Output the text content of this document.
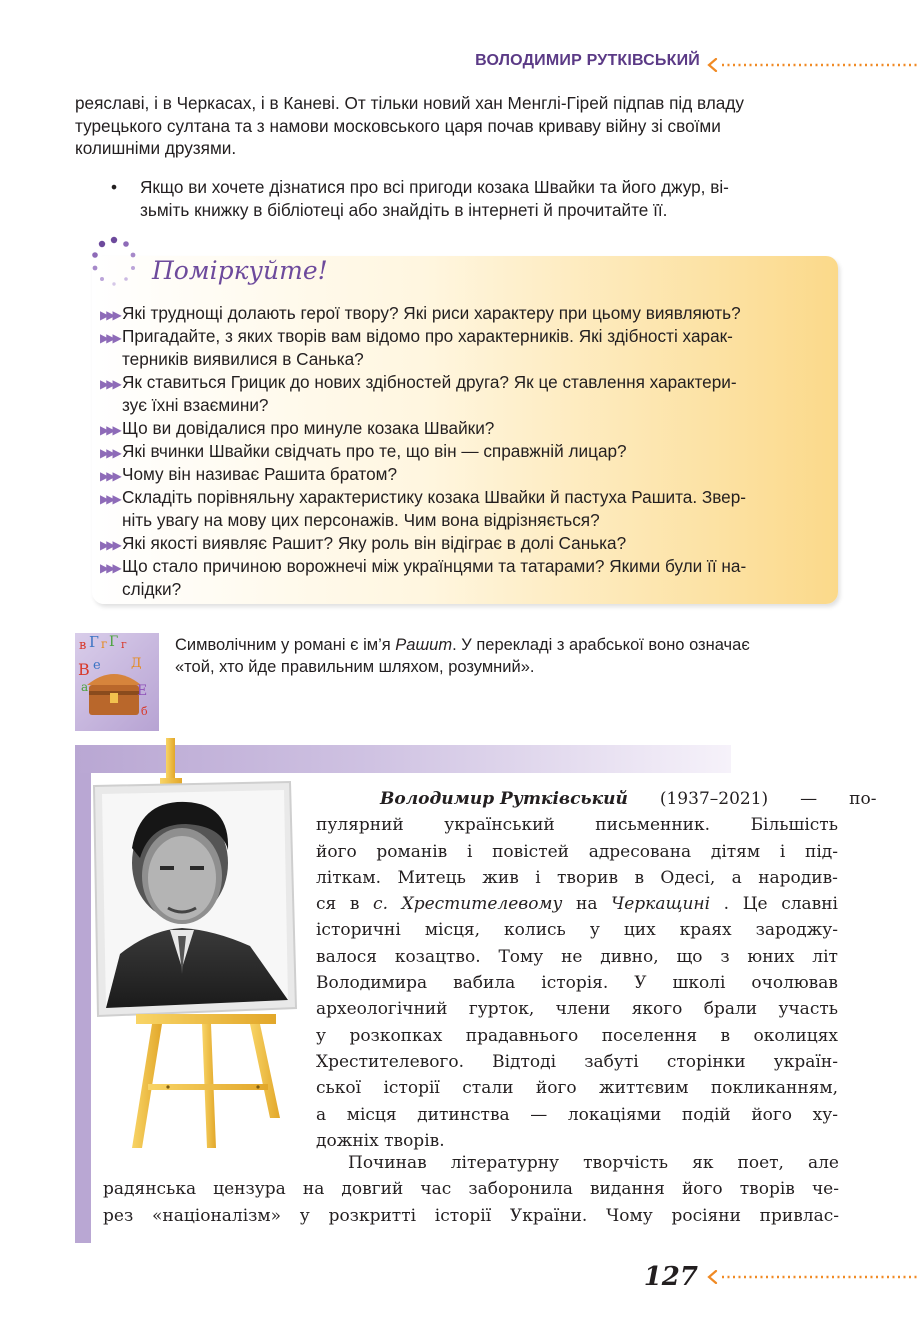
ВОЛОДИМИР РУТКІВСЬКИЙ
реяславі, і в Черкасах, і в Каневі. От тільки новий хан Менглі-Гірей підпав під владу
турецького султана та з намови московського царя почав криваву війну зі своїми
колишніми друзями.
• Якщо ви хочете дізнатися про всі пригоди козака Швайки та його джур, ві-
зьміть книжку в бібліотеці або знайдіть в інтернеті й прочитайте її.
Поміркуйте!
▶▶▶ Які труднощі долають герої твору? Які риси характеру при цьому виявляють?
▶▶▶ Пригадайте, з яких творів вам відомо про характерників. Які здібності харак-
терників виявилися в Санька?
▶▶▶ Як ставиться Грицик до нових здібностей друга? Як це ставлення характери-
зує їхні взаємини?
▶▶▶ Що ви довідалися про минуле козака Швайки?
▶▶▶ Які вчинки Швайки свідчать про те, що він — справжній лицар?
▶▶▶ Чому він називає Рашита братом?
▶▶▶ Складіть порівняльну характеристику козака Швайки й пастуха Рашита. Звер-
ніть увагу на мову цих персонажів. Чим вона відрізняється?
▶▶▶ Які якості виявляє Рашит? Яку роль він відіграє в долі Санька?
▶▶▶ Що стало причиною ворожнечі між українцями та татарами? Якими були її на-
слідки?
в Г г Г г
В е Д
а	Е
б
Символічним у романі є ім’я Рашит. У перекладі з арабської воно означає
«той, хто йде правильним шляхом, розумний».
Володимир Рутківський	(1937–2021)	—	по-
пулярний український письменник. Більшість
його романів і повістей адресована дітям і під-
літкам. Митець жив і творив в Одесі, а народив-
ся в с. Хрестителевому на Черкащині . Це славні
історичні місця, колись у цих краях зароджу-
валося козацтво. Тому не дивно, що з юних літ
Володимира вабила історія. У школі очолював
археологічний гурток, члени якого брали участь
у розкопках прадавнього поселення в околицях
Хрестителевого. Відтоді забуті сторінки україн-
ської історії стали його життєвим покликанням,
а місця дитинства — локаціями подій його ху-
дожніх творів.
Починав літературну творчість як поет, але
радянська цензура на довгий час заборонила видання його творів че-
рез «націоналізм» у розкритті історії України. Чому росіяни привлас-
127
